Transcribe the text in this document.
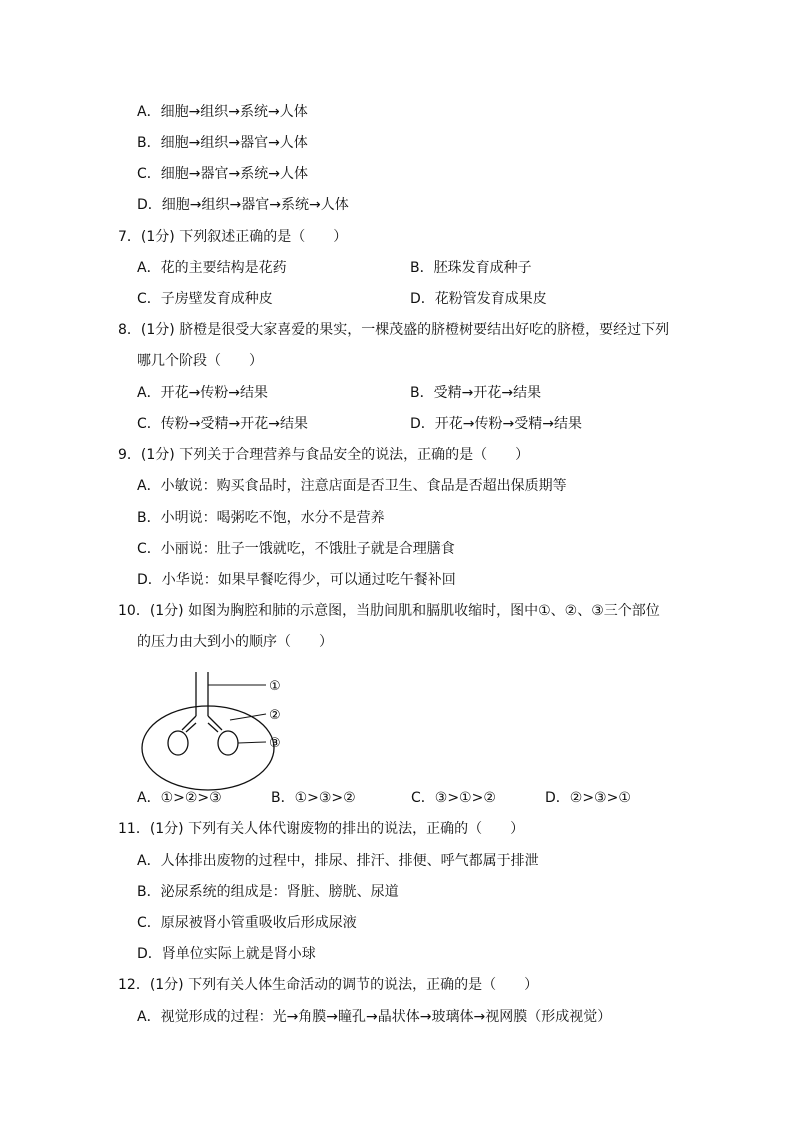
A．细胞→组织→系统→人体
B．细胞→组织→器官→人体
C．细胞→器官→系统→人体
D．细胞→组织→器官→系统→人体
7．(1分) 下列叙述正确的是（　　）
A．花的主要结构是花药	B．胚珠发育成种子
C．子房壁发育成种皮	D．花粉管发育成果皮
8．(1分) 脐橙是很受大家喜爱的果实，一棵茂盛的脐橙树要结出好吃的脐橙，要经过下列
哪几个阶段（　　）
A．开花→传粉→结果	B．受精→开花→结果
C．传粉→受精→开花→结果	D．开花→传粉→受精→结果
9．(1分) 下列关于合理营养与食品安全的说法，正确的是（　　）
A．小敏说：购买食品时，注意店面是否卫生、食品是否超出保质期等
B．小明说：喝粥吃不饱，水分不是营养
C．小丽说：肚子一饿就吃，不饿肚子就是合理膳食
D．小华说：如果早餐吃得少，可以通过吃午餐补回
10．(1分) 如图为胸腔和肺的示意图，当肋间肌和膈肌收缩时，图中①、②、③三个部位
的压力由大到小的顺序（　　）
①
②
③
A．①>②>③	B．①>③>②	C．③>①>②	D．②>③>①
11．(1分) 下列有关人体代谢废物的排出的说法，正确的（　　）
A．人体排出废物的过程中，排尿、排汗、排便、呼气都属于排泄
B．泌尿系统的组成是：肾脏、膀胱、尿道
C．原尿被肾小管重吸收后形成尿液
D．肾单位实际上就是肾小球
12．(1分) 下列有关人体生命活动的调节的说法，正确的是（　　）
A．视觉形成的过程：光→角膜→瞳孔→晶状体→玻璃体→视网膜（形成视觉）
